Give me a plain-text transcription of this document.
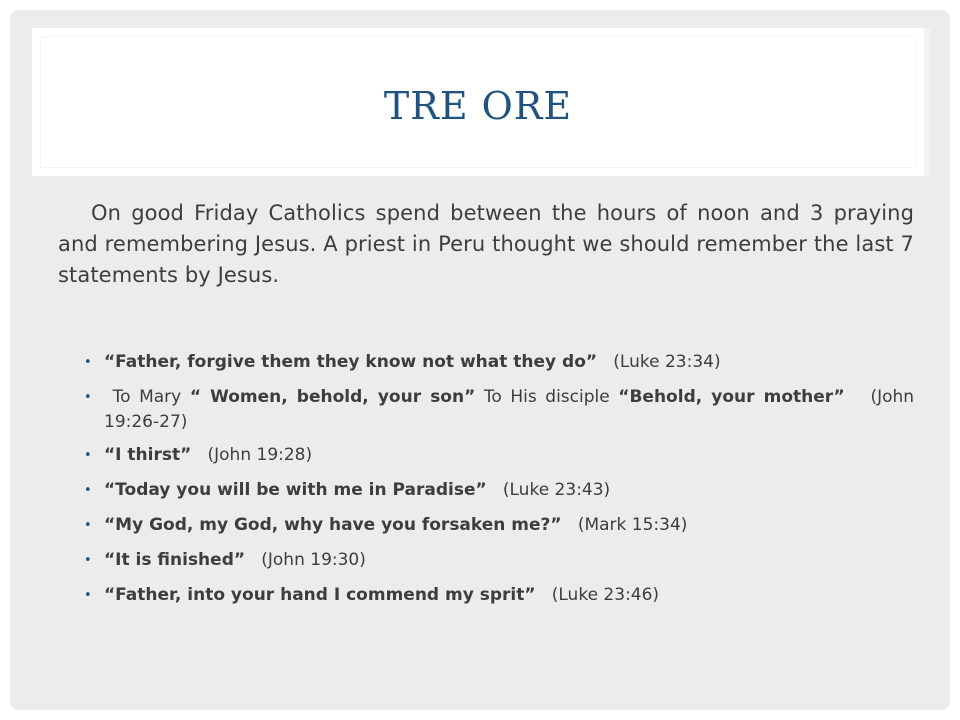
TRE ORE
On good Friday Catholics spend between the hours of noon and 3 praying and remembering Jesus. A priest in Peru thought we should remember the last 7 statements by Jesus.
• “Father, forgive them they know not what they do” (Luke 23:34)
• To Mary “ Women, behold, your son” To His disciple “Behold, your mother” (John 19:26-27)
• “I thirst” (John 19:28)
• “Today you will be with me in Paradise” (Luke 23:43)
• “My God, my God, why have you forsaken me?” (Mark 15:34)
• “It is finished” (John 19:30)
• “Father, into your hand I commend my sprit” (Luke 23:46)
